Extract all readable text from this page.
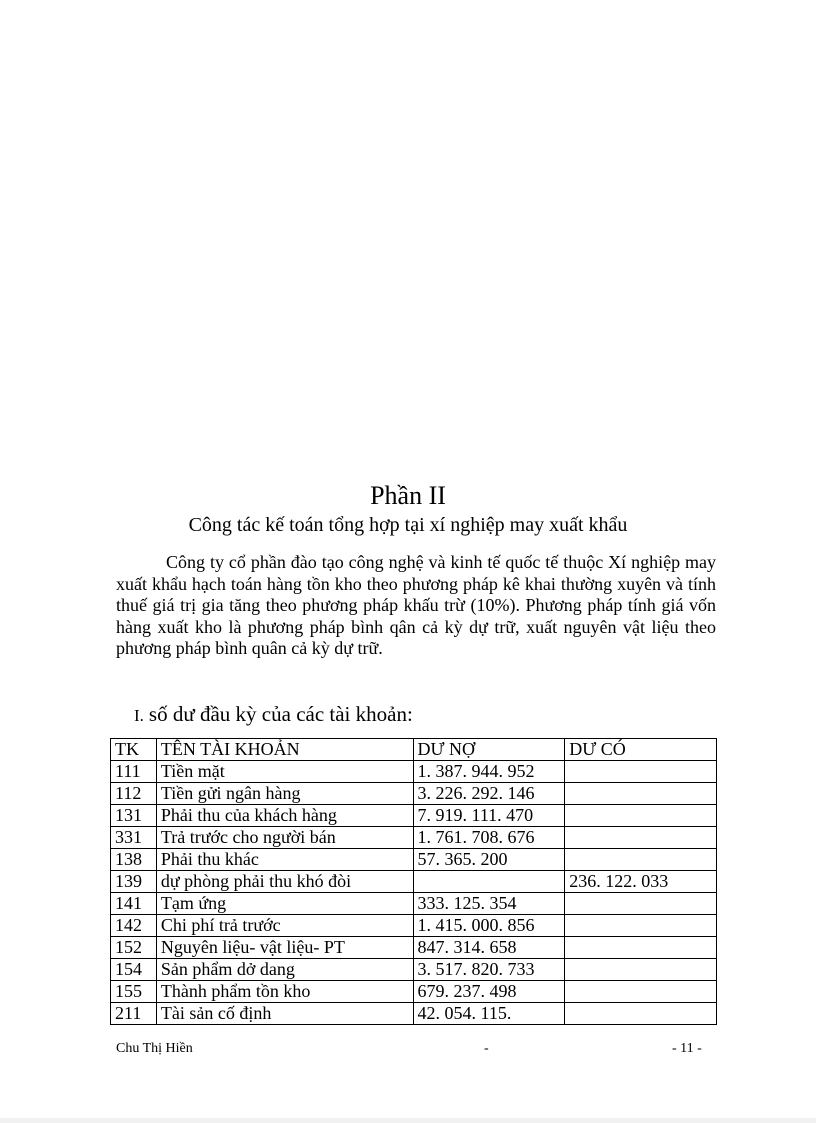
Phần II
Công tác kế toán tổng hợp tại xí nghiệp may xuất khẩu

Công ty cổ phần đào tạo công nghệ và kinh tế quốc tế thuộc Xí nghiệp may xuất khẩu hạch toán hàng tồn kho theo phương pháp kê khai thường xuyên và tính thuế giá trị gia tăng theo phương pháp khấu trừ (10%). Phương pháp tính giá vốn hàng xuất kho là phương pháp bình qân cả kỳ dự trữ, xuất nguyên vật liệu theo phương pháp bình quân cả kỳ dự trữ.

I. số dư đầu kỳ của các tài khoản:
TK	TÊN TÀI KHOẢN	DƯ NỢ	DƯ CÓ
111	Tiền mặt	1. 387. 944. 952	
112	Tiền gửi ngân hàng	3. 226. 292. 146	
131	Phải thu của khách hàng	7. 919. 111. 470	
331	Trả trước cho người bán	1. 761. 708. 676	
138	Phải thu khác	57. 365. 200	
139	dự phòng phải thu khó đòi		236. 122. 033
141	Tạm ứng	333. 125. 354	
142	Chi phí trả trước	1. 415. 000. 856	
152	Nguyên liệu- vật liệu- PT	847. 314. 658	
154	Sản phẩm dở dang	3. 517. 820. 733	
155	Thành phẩm tồn kho	679. 237. 498	
211	Tài sản cố định	42. 054. 115.	
Chu Thị Hiền	-	- 11 -
